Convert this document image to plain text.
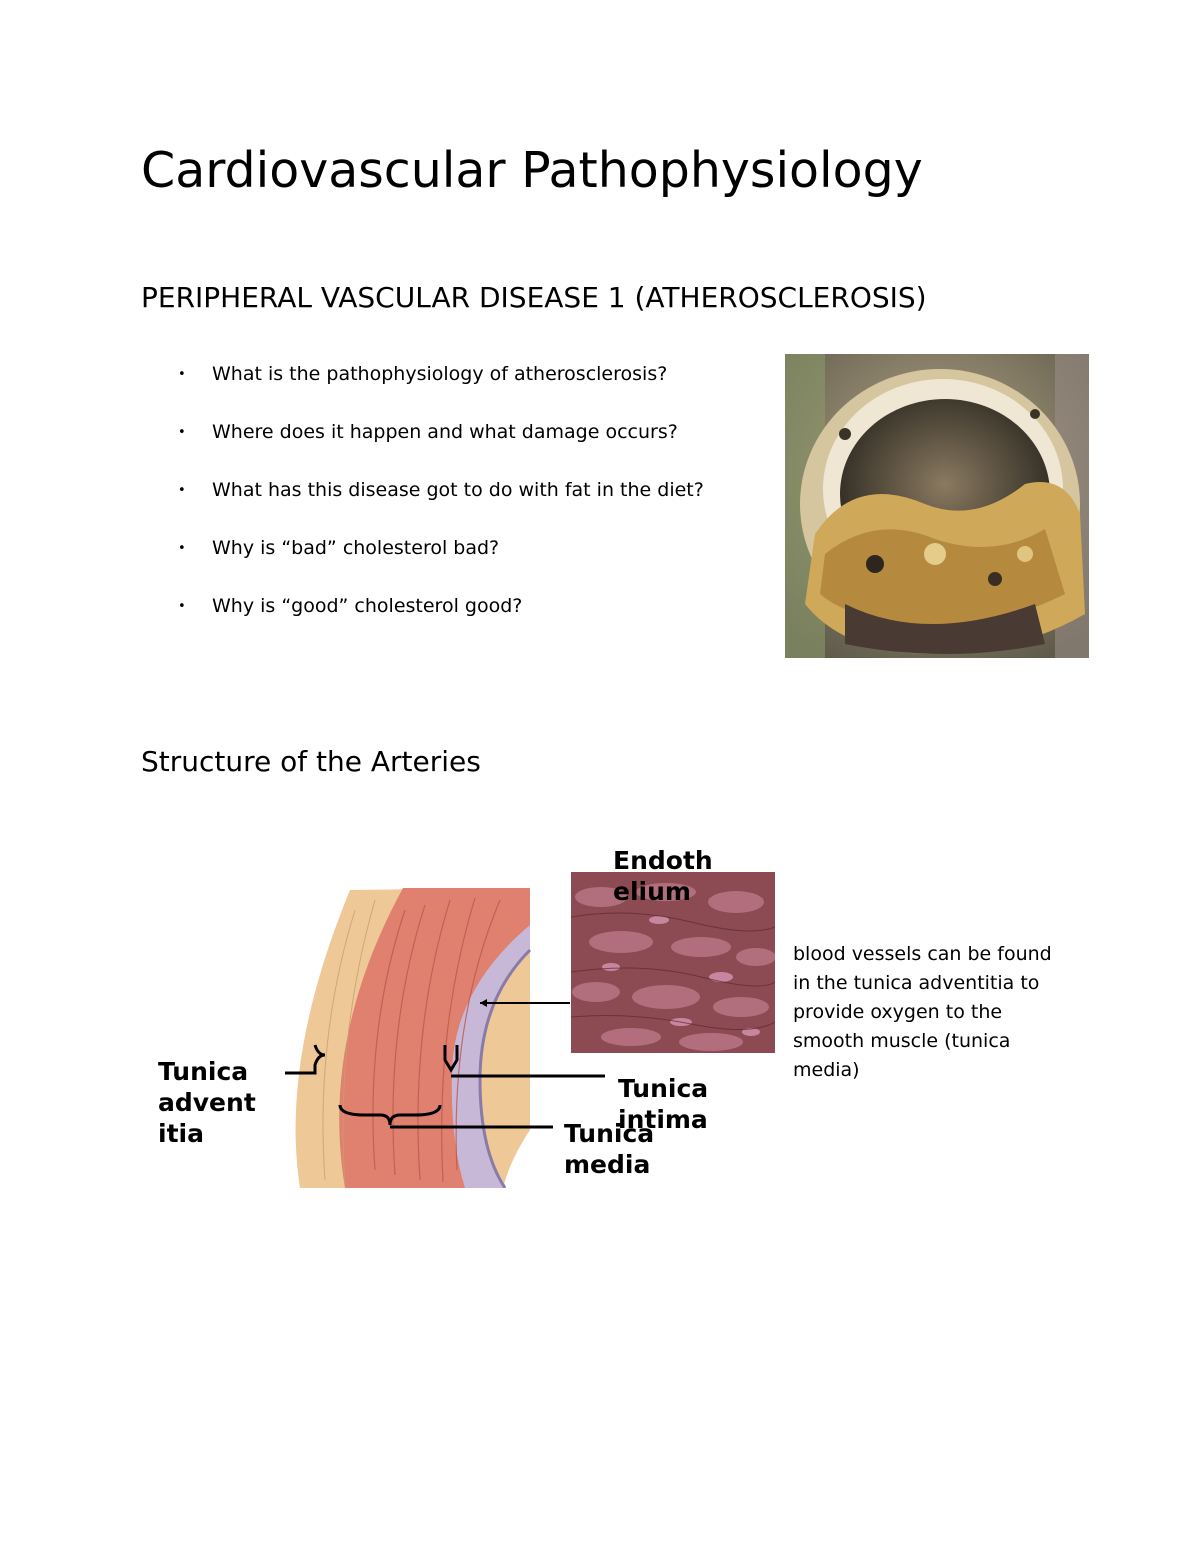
Cardiovascular Pathophysiology
PERIPHERAL VASCULAR DISEASE 1 (ATHEROSCLEROSIS)
• What is the pathophysiology of atherosclerosis?
• Where does it happen and what damage occurs?
• What has this disease got to do with fat in the diet?
• Why is “bad” cholesterol bad?
• Why is “good” cholesterol good?
Structure of the Arteries
Endoth
elium
Tunica
advent
itia
Tunica
intima
Tunica
media
blood vessels can be found in the tunica adventitia to provide oxygen to the smooth muscle (tunica media)
